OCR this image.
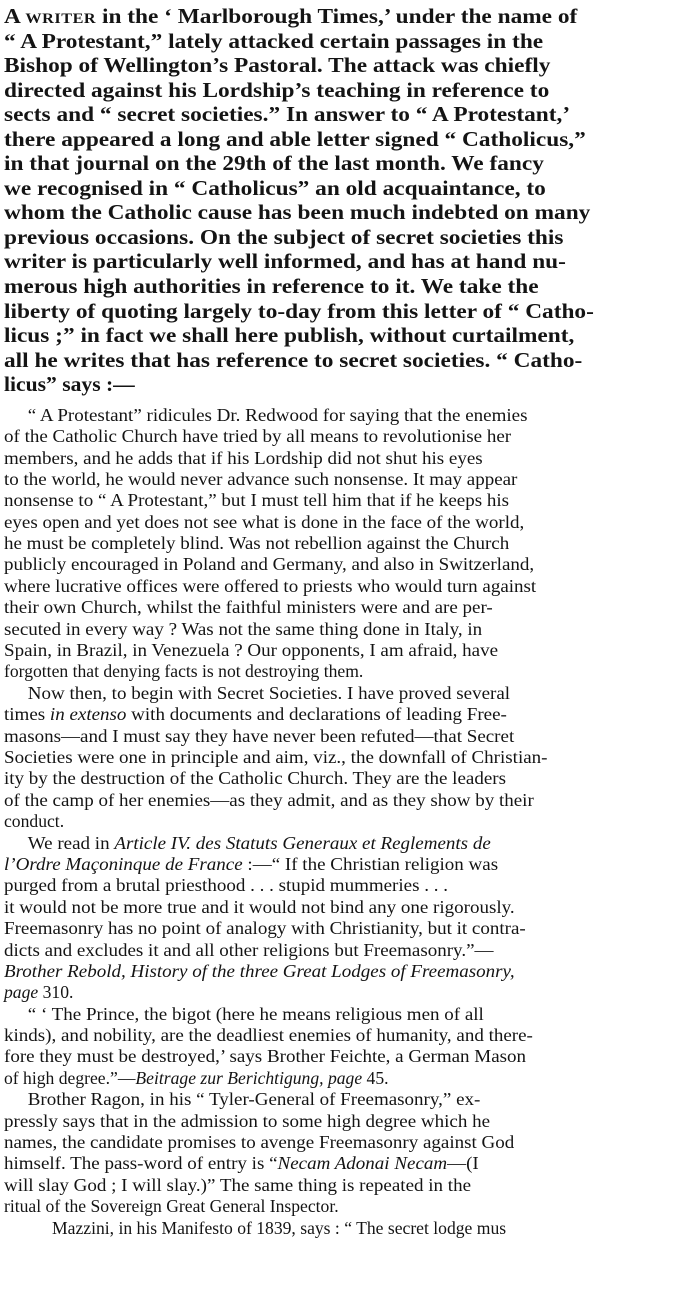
A writer in the ‘ Marlborough Times,’ under the name of
“ A Protestant,” lately attacked certain passages in the
Bishop of Wellington’s Pastoral. The attack was chiefly
directed against his Lordship’s teaching in reference to
sects and “ secret societies.” In answer to “ A Protestant,’
there appeared a long and able letter signed “ Catholicus,”
in that journal on the 29th of the last month. We fancy
we recognised in “ Catholicus” an old acquaintance, to
whom the Catholic cause has been much indebted on many
previous occasions. On the subject of secret societies this
writer is particularly well informed, and has at hand nu-
merous high authorities in reference to it. We take the
liberty of quoting largely to-day from this letter of “ Catho-
licus ;” in fact we shall here publish, without curtailment,
all he writes that has reference to secret societies. “ Catho-
licus” says :—
“ A Protestant” ridicules Dr. Redwood for saying that the enemies
of the Catholic Church have tried by all means to revolutionise her
members, and he adds that if his Lordship did not shut his eyes
to the world, he would never advance such nonsense. It may appear
nonsense to “ A Protestant,” but I must tell him that if he keeps his
eyes open and yet does not see what is done in the face of the world,
he must be completely blind. Was not rebellion against the Church
publicly encouraged in Poland and Germany, and also in Switzerland,
where lucrative offices were offered to priests who would turn against
their own Church, whilst the faithful ministers were and are per-
secuted in every way ? Was not the same thing done in Italy, in
Spain, in Brazil, in Venezuela ? Our opponents, I am afraid, have
forgotten that denying facts is not destroying them.
Now then, to begin with Secret Societies. I have proved several
times in extenso with documents and declarations of leading Free-
masons—and I must say they have never been refuted—that Secret
Societies were one in principle and aim, viz., the downfall of Christian-
ity by the destruction of the Catholic Church. They are the leaders
of the camp of her enemies—as they admit, and as they show by their
conduct.
We read in Article IV. des Statuts Generaux et Reglements de
l’Ordre Maçoninque de France :—“ If the Christian religion was
purged from a brutal priesthood . . . stupid mummeries . . .
it would not be more true and it would not bind any one rigorously.
Freemasonry has no point of analogy with Christianity, but it contra-
dicts and excludes it and all other religions but Freemasonry.”—
Brother Rebold, History of the three Great Lodges of Freemasonry,
page 310.
“ ‘ The Prince, the bigot (here he means religious men of all
kinds), and nobility, are the deadliest enemies of humanity, and there-
fore they must be destroyed,’ says Brother Feichte, a German Mason
of high degree.”—Beitrage zur Berichtigung, page 45.
Brother Ragon, in his “ Tyler-General of Freemasonry,” ex-
pressly says that in the admission to some high degree which he
names, the candidate promises to avenge Freemasonry against God
himself. The pass-word of entry is “Necam Adonai Necam—(I
will slay God ; I will slay.)” The same thing is repeated in the
ritual of the Sovereign Great General Inspector.
Mazzini, in his Manifesto of 1839, says : “ The secret lodge mus
